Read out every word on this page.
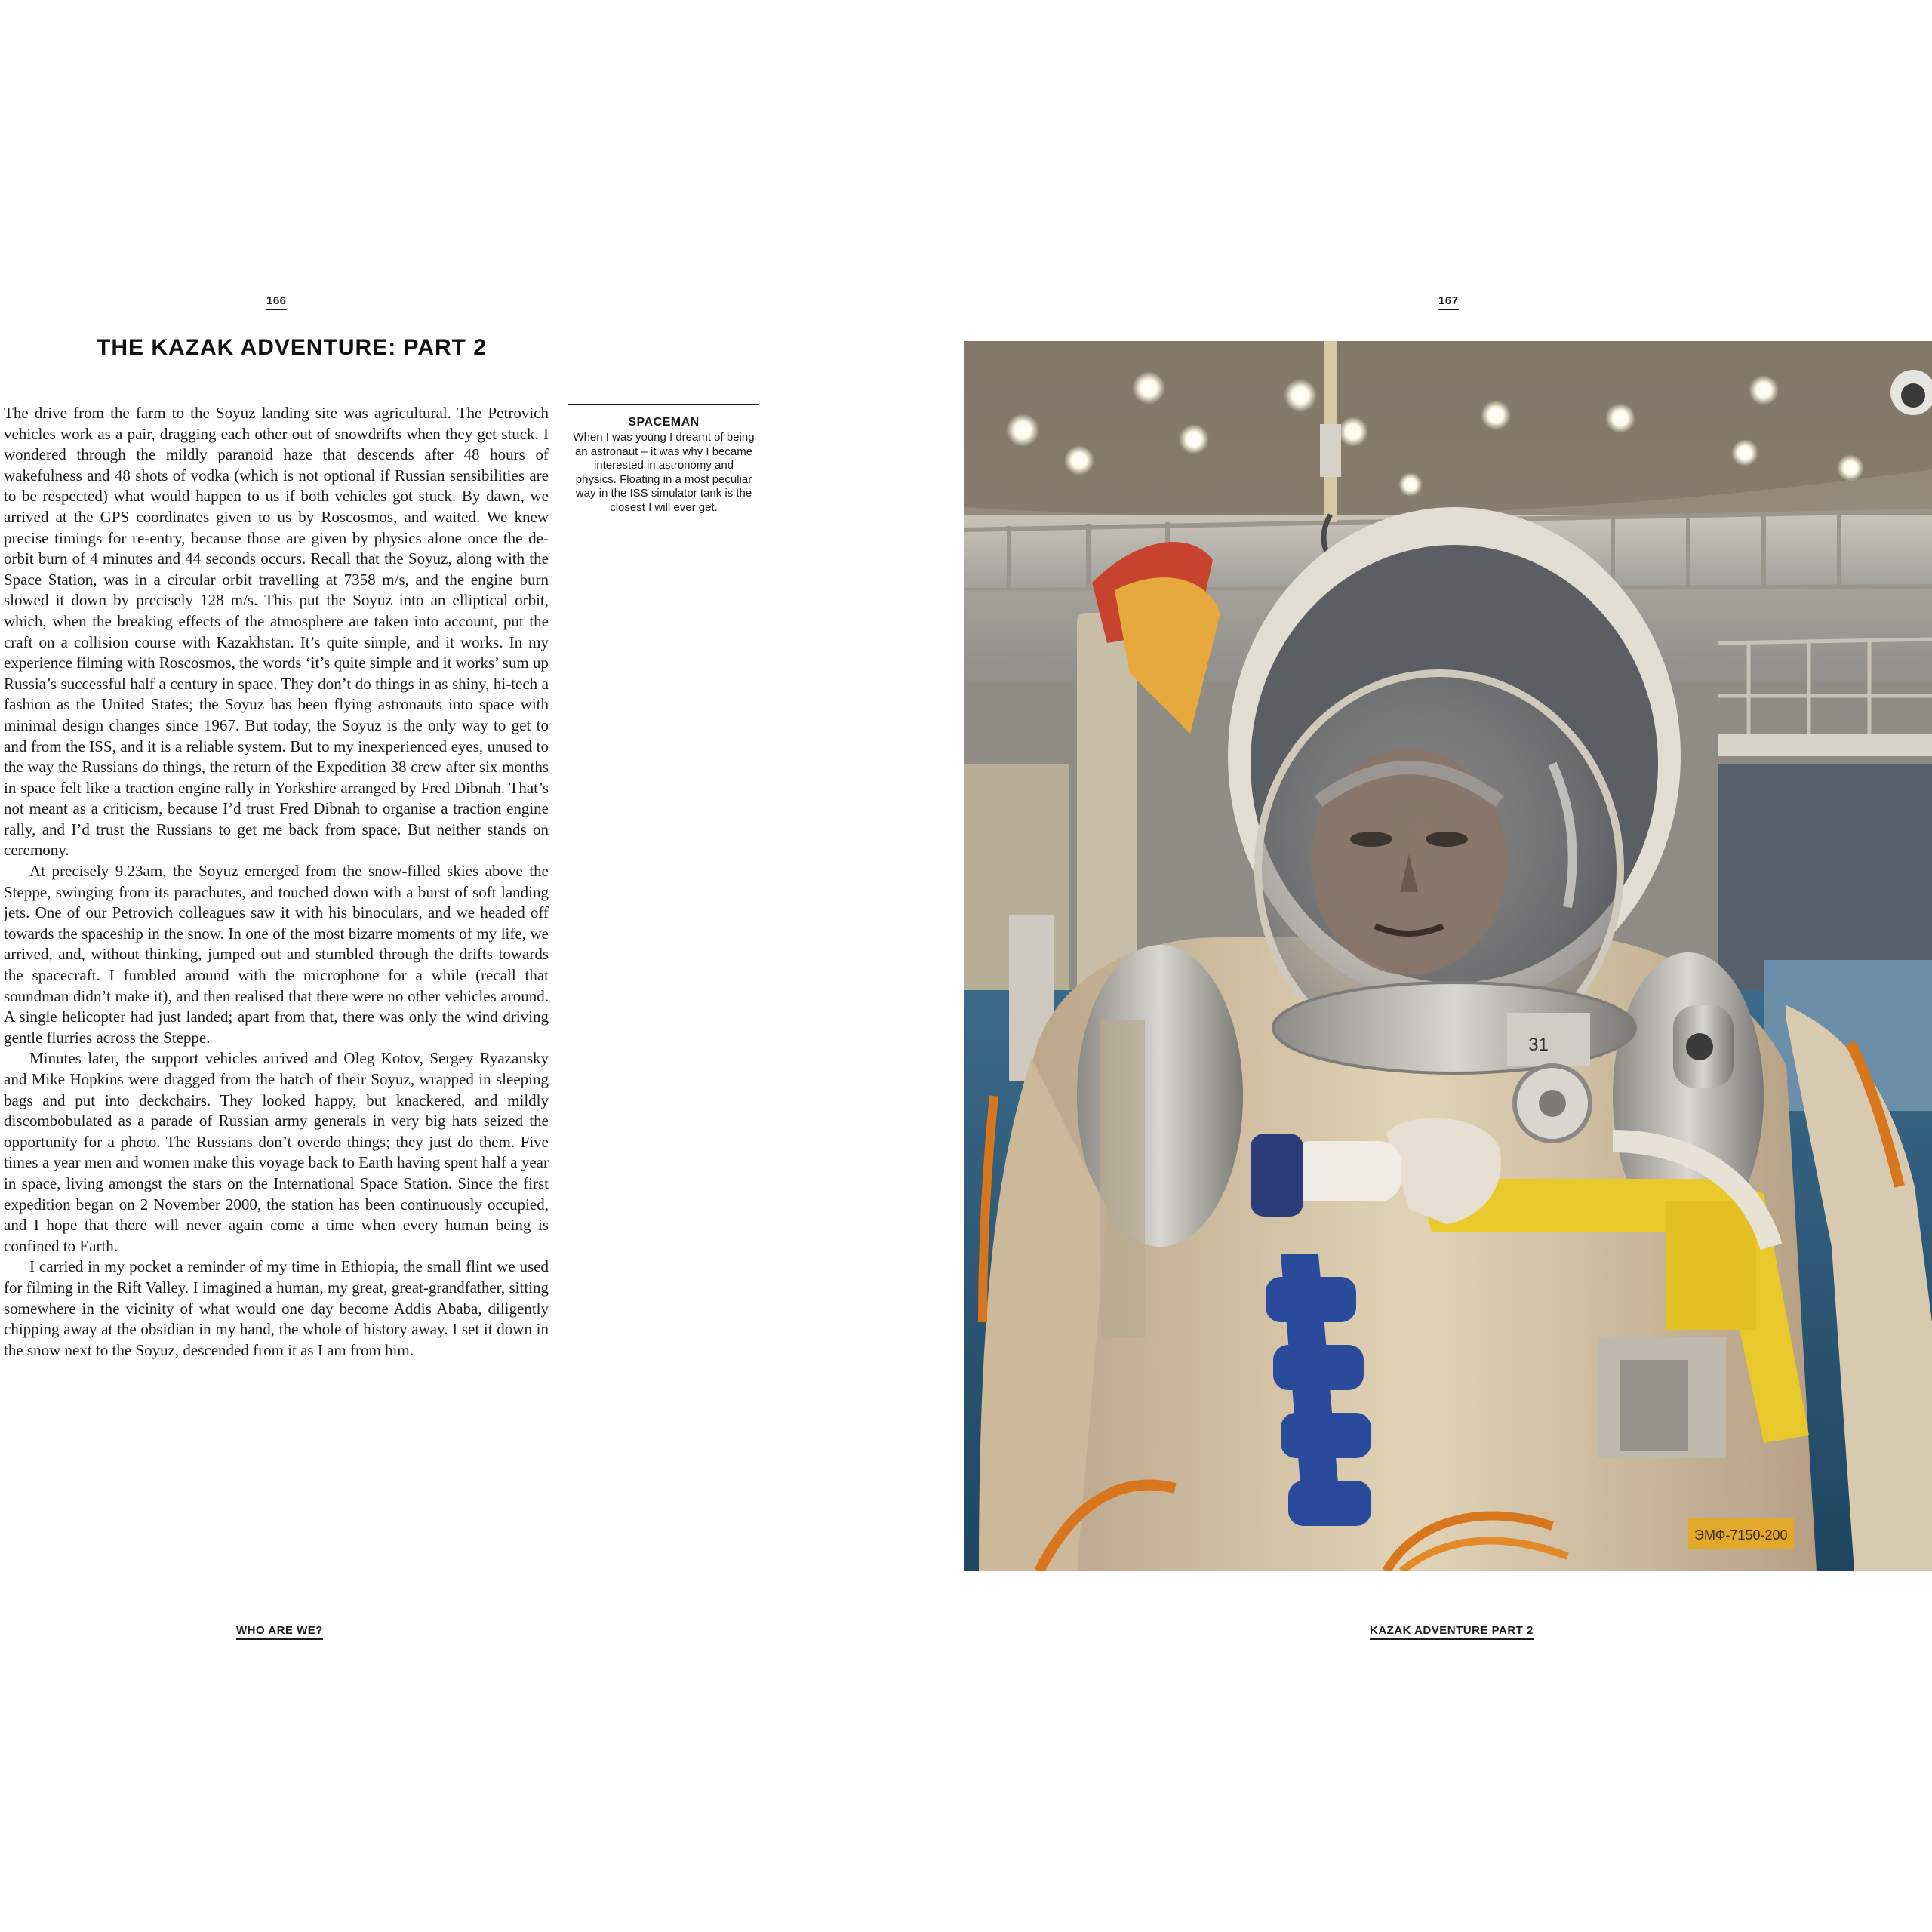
166
THE KAZAK ADVENTURE: PART 2

The drive from the farm to the Soyuz landing site was agricultural. The Petrovich vehicles work as a pair, dragging each other out of snowdrifts when they get stuck. I wondered through the mildly paranoid haze that descends after 48 hours of wakefulness and 48 shots of vodka (which is not optional if Russian sensibilities are to be respected) what would happen to us if both vehicles got stuck. By dawn, we arrived at the GPS coordinates given to us by Roscosmos, and waited. We knew precise timings for re-entry, because those are given by physics alone once the de-orbit burn of 4 minutes and 44 seconds occurs. Recall that the Soyuz, along with the Space Station, was in a circular orbit travelling at 7358 m/s, and the engine burn slowed it down by precisely 128 m/s. This put the Soyuz into an elliptical orbit, which, when the breaking effects of the atmosphere are taken into account, put the craft on a collision course with Kazakhstan. It’s quite simple, and it works. In my experience filming with Roscosmos, the words ‘it’s quite simple and it works’ sum up Russia’s successful half a century in space. They don’t do things in as shiny, hi-tech a fashion as the United States; the Soyuz has been flying astronauts into space with minimal design changes since 1967. But today, the Soyuz is the only way to get to and from the ISS, and it is a reliable system. But to my inexperienced eyes, unused to the way the Russians do things, the return of the Expedition 38 crew after six months in space felt like a traction engine rally in Yorkshire arranged by Fred Dibnah. That’s not meant as a criticism, because I’d trust Fred Dibnah to organise a traction engine rally, and I’d trust the Russians to get me back from space. But neither stands on ceremony.

At precisely 9.23am, the Soyuz emerged from the snow-filled skies above the Steppe, swinging from its parachutes, and touched down with a burst of soft landing jets. One of our Petrovich colleagues saw it with his binoculars, and we headed off towards the spaceship in the snow. In one of the most bizarre moments of my life, we arrived, and, without thinking, jumped out and stumbled through the drifts towards the spacecraft. I fumbled around with the microphone for a while (recall that soundman didn’t make it), and then realised that there were no other vehicles around. A single helicopter had just landed; apart from that, there was only the wind driving gentle flurries across the Steppe.

Minutes later, the support vehicles arrived and Oleg Kotov, Sergey Ryazansky and Mike Hopkins were dragged from the hatch of their Soyuz, wrapped in sleeping bags and put into deckchairs. They looked happy, but knackered, and mildly discombobulated as a parade of Russian army generals in very big hats seized the opportunity for a photo. The Russians don’t overdo things; they just do them. Five times a year men and women make this voyage back to Earth having spent half a year in space, living amongst the stars on the International Space Station. Since the first expedition began on 2 November 2000, the station has been continuously occupied, and I hope that there will never again come a time when every human being is confined to Earth.

I carried in my pocket a reminder of my time in Ethiopia, the small flint we used for filming in the Rift Valley. I imagined a human, my great, great-grandfather, sitting somewhere in the vicinity of what would one day become Addis Ababa, diligently chipping away at the obsidian in my hand, the whole of history away. I set it down in the snow next to the Soyuz, descended from it as I am from him.

SPACEMAN
When I was young I dreamt of being an astronaut – it was why I became interested in astronomy and physics. Floating in a most peculiar way in the ISS simulator tank is the closest I will ever get.
WHO ARE WE?
167
31
ЭМФ-7150-200
KAZAK ADVENTURE PART 2
